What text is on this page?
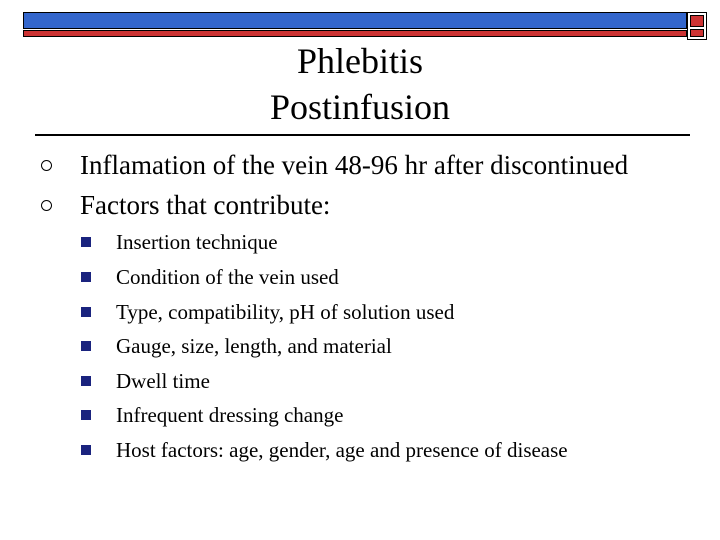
Phlebitis
Postinfusion
Inflamation of the vein 48-96 hr after discontinued
Factors that contribute:
Insertion technique
Condition of the vein used
Type, compatibility, pH of solution used
Gauge, size, length, and material
Dwell time
Infrequent dressing change
Host factors: age, gender, age and presence of disease
